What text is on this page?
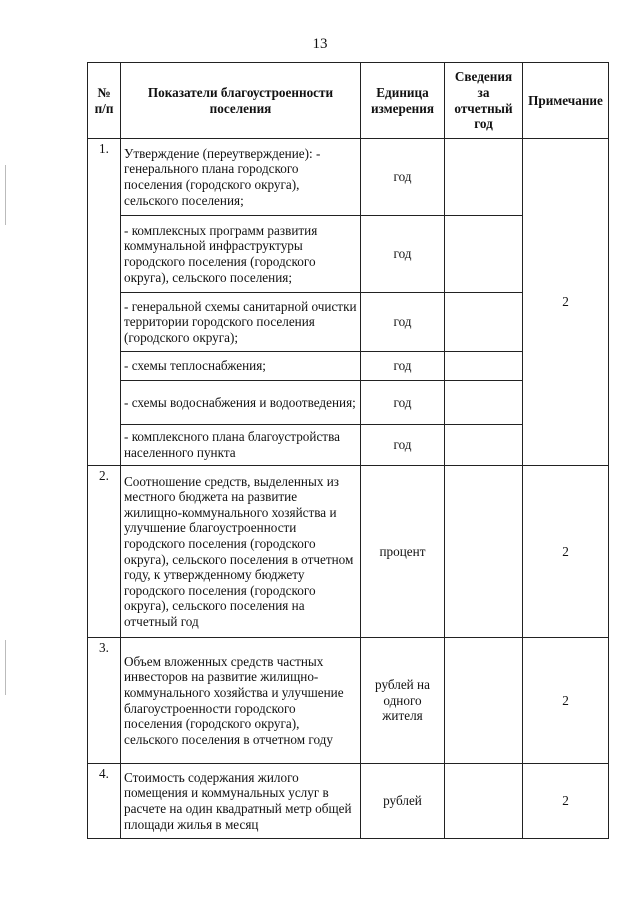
13
№ п/п	Показатели благоустроенности поселения	Единица измерения	Сведения за отчетный год	Примечание
1.	Утверждение (переутверждение): - генерального плана городского поселения (городского округа), сельского поселения;	год		2
	- комплексных программ развития коммунальной инфраструктуры городского поселения (городского округа), сельского поселения;	год		
	- генеральной схемы санитарной очистки территории городского поселения (городского округа);	год		
	- схемы теплоснабжения;	год		
	- схемы водоснабжения и водоотведения;	год		
	- комплексного плана благоустройства населенного пункта	год		
2.	Соотношение средств, выделенных из местного бюджета на развитие жилищно-коммунального хозяйства и улучшение благоустроенности городского поселения (городского округа), сельского поселения в отчетном году, к утвержденному бюджету городского поселения (городского округа), сельского поселения на отчетный год	процент		2
3.	Объем вложенных средств частных инвесторов на развитие жилищно-коммунального хозяйства и улучшение благоустроенности городского поселения (городского округа), сельского поселения в отчетном году	рублей на одного жителя		2
4.	Стоимость содержания жилого помещения и коммунальных услуг в расчете на один квадратный метр общей площади жилья в месяц	рублей		2
